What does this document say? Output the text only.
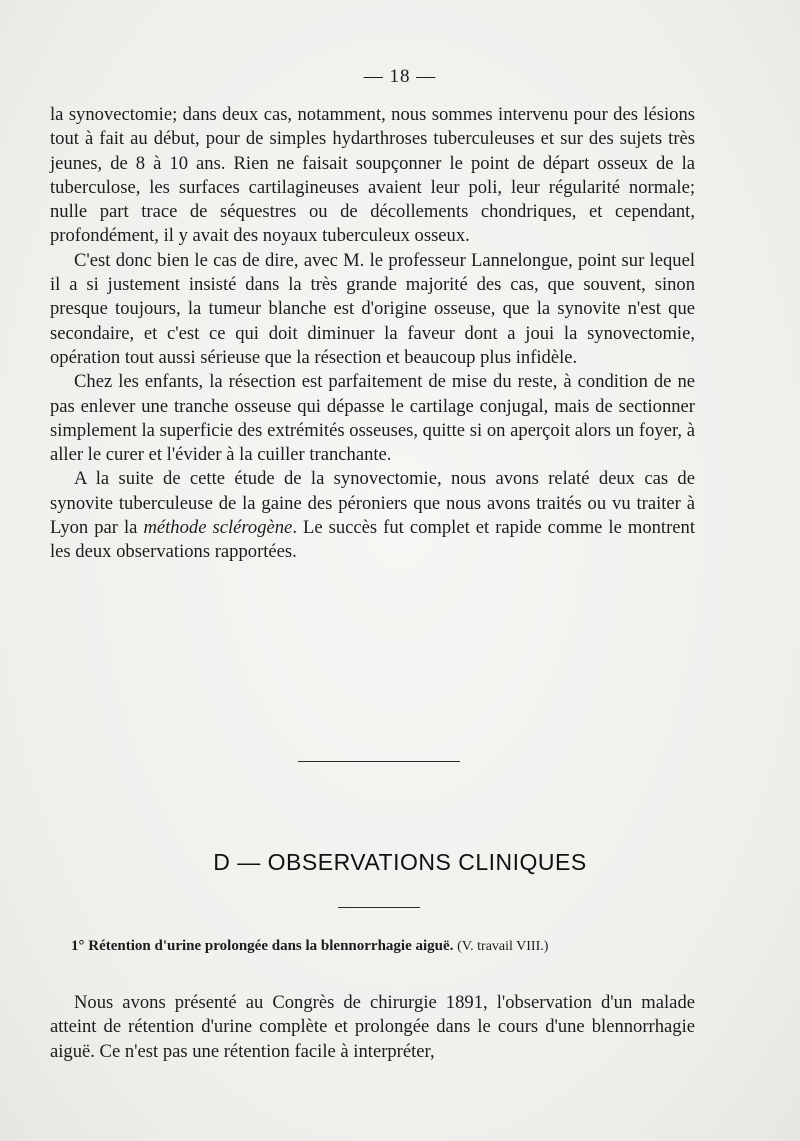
— 18 —

la synovectomie; dans deux cas, notamment, nous sommes intervenu pour des lésions tout à fait au début, pour de simples hydarthroses tuberculeuses et sur des sujets très jeunes, de 8 à 10 ans. Rien ne faisait soupçonner le point de départ osseux de la tuberculose, les surfaces cartilagineuses avaient leur poli, leur régularité normale; nulle part trace de séquestres ou de décollements chondriques, et cependant, profondément, il y avait des noyaux tuberculeux osseux.

C'est donc bien le cas de dire, avec M. le professeur Lannelongue, point sur lequel il a si justement insisté dans la très grande majorité des cas, que souvent, sinon presque toujours, la tumeur blanche est d'origine osseuse, que la synovite n'est que secondaire, et c'est ce qui doit diminuer la faveur dont a joui la synovectomie, opération tout aussi sérieuse que la résection et beaucoup plus infidèle.

Chez les enfants, la résection est parfaitement de mise du reste, à condition de ne pas enlever une tranche osseuse qui dépasse le cartilage conjugal, mais de sectionner simplement la superficie des extrémités osseuses, quitte si on aperçoit alors un foyer, à aller le curer et l'évider à la cuiller tranchante.

A la suite de cette étude de la synovectomie, nous avons relaté deux cas de synovite tuberculeuse de la gaine des péroniers que nous avons traités ou vu traiter à Lyon par la méthode sclérogène. Le succès fut complet et rapide comme le montrent les deux observations rapportées.

D — OBSERVATIONS CLINIQUES
1° Rétention d'urine prolongée dans la blennorrhagie aiguë. (V. travail VIII.)

Nous avons présenté au Congrès de chirurgie 1891, l'observation d'un malade atteint de rétention d'urine complète et prolongée dans le cours d'une blennorrhagie aiguë. Ce n'est pas une rétention facile à interpréter,
